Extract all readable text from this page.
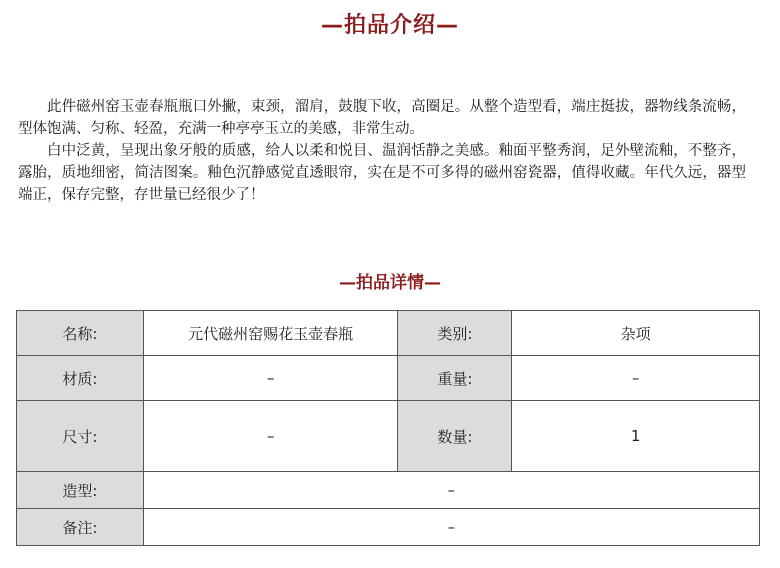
—拍品介绍—

此件磁州窑玉壶春瓶瓶口外撇，束颈，溜肩，鼓腹下收，高圈足。从整个造型看，端庄挺拔，器物线条流畅，型体饱满、匀称、轻盈，充满一种亭亭玉立的美感，非常生动。

白中泛黄，呈现出象牙般的质感，给人以柔和悦目、温润恬静之美感。釉面平整秀润，足外壁流釉，不整齐，露胎，质地细密，简洁图案。釉色沉静感觉直透眼帘，实在是不可多得的磁州窑瓷器，值得收藏。年代久远，器型端正，保存完整，存世量已经很少了！

—拍品详情—
名称:	元代磁州窑赐花玉壶春瓶	类别:	杂项
材质:	–	重量:	–
尺寸:	–	数量:	1
造型:	–		
备注:	–		
